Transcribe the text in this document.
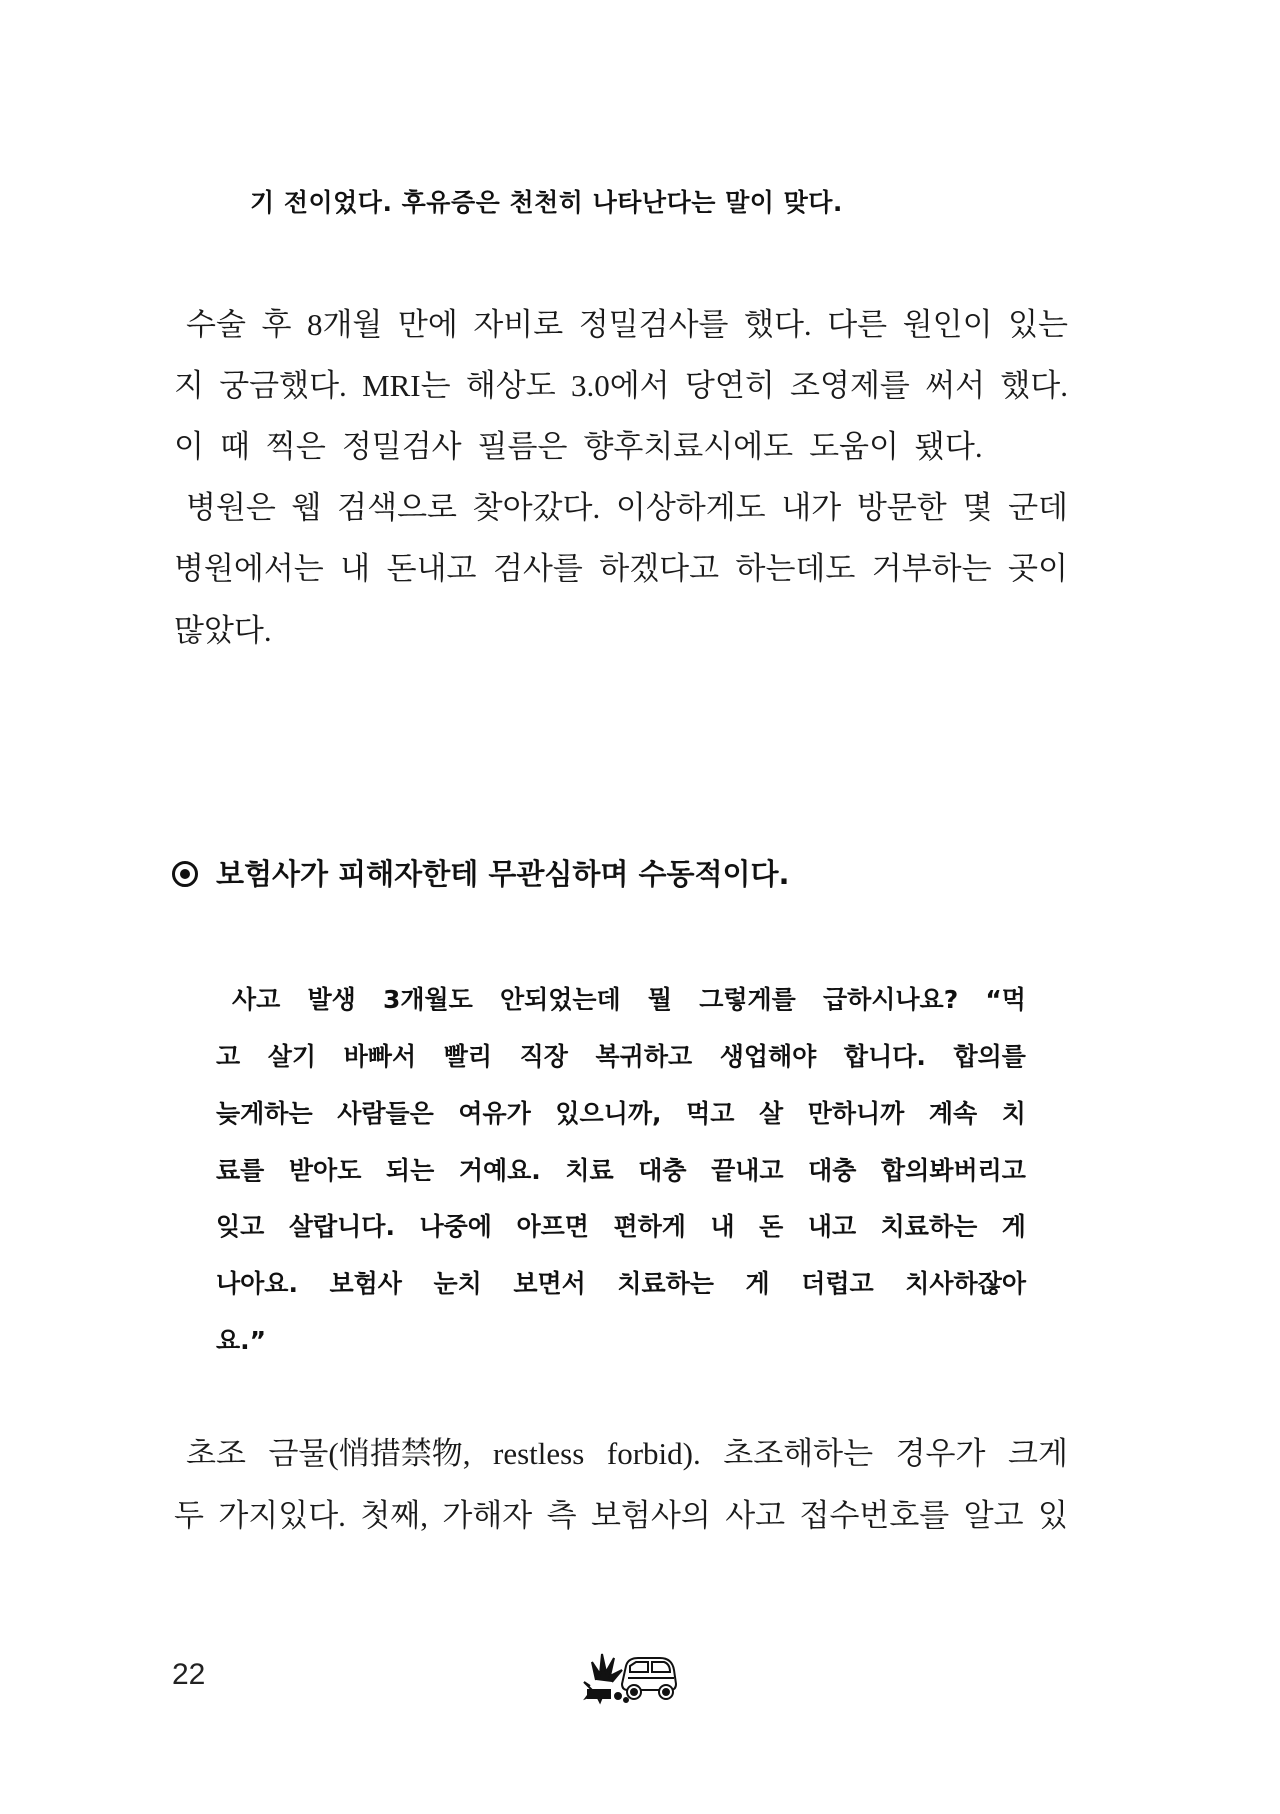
기 전이었다. 후유증은 천천히 나타난다는 말이 맞다.
수술 후 8개월 만에 자비로 정밀검사를 했다. 다른 원인이 있는
지 궁금했다. MRI는 해상도 3.0에서 당연히 조영제를 써서 했다.
이 때 찍은 정밀검사 필름은 향후치료시에도 도움이 됐다.
병원은 웹 검색으로 찾아갔다. 이상하게도 내가 방문한 몇 군데
병원에서는 내 돈내고 검사를 하겠다고 하는데도 거부하는 곳이
많았다.
보험사가 피해자한테 무관심하며 수동적이다.
사고 발생 3개월도 안되었는데 뭘 그렇게를 급하시나요? “먹
고 살기 바빠서 빨리 직장 복귀하고 생업해야 합니다. 합의를
늦게하는 사람들은 여유가 있으니까, 먹고 살 만하니까 계속 치
료를 받아도 되는 거예요. 치료 대충 끝내고 대충 합의봐버리고
잊고 살랍니다. 나중에 아프면 편하게 내 돈 내고 치료하는 게
나아요. 보험사 눈치 보면서 치료하는 게 더럽고 치사하잖아
요.”
초조 금물(悄措禁物, restless forbid). 초조해하는 경우가 크게
두 가지있다. 첫째, 가해자 측 보험사의 사고 접수번호를 알고 있
22
